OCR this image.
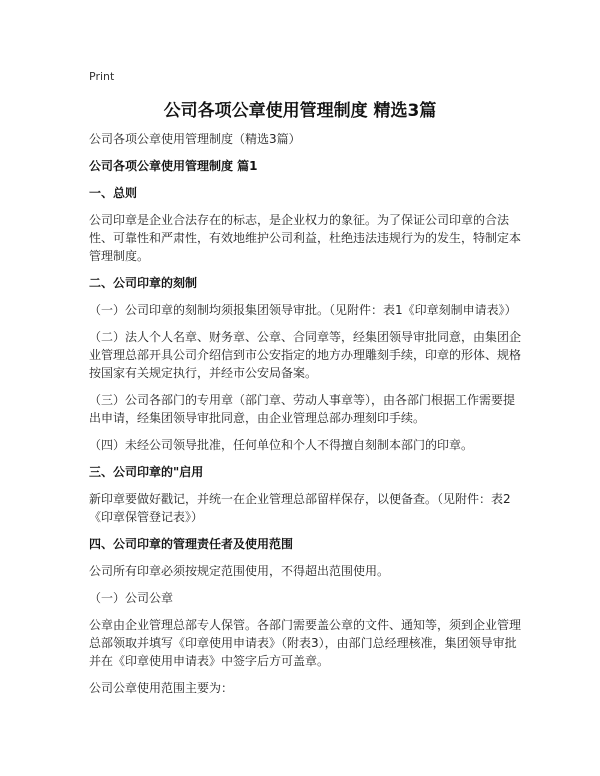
Print
公司各项公章使用管理制度 精选3篇

公司各项公章使用管理制度（精选3篇）

公司各项公章使用管理制度 篇1

一、总则

公司印章是企业合法存在的标志，是企业权力的象征。为了保证公司印章的合法性、可靠性和严肃性，有效地维护公司利益，杜绝违法违规行为的发生，特制定本管理制度。

二、公司印章的刻制

（一）公司印章的刻制均须报集团领导审批。（见附件：表1《印章刻制申请表》）

（二）法人个人名章、财务章、公章、合同章等，经集团领导审批同意，由集团企业管理总部开具公司介绍信到市公安指定的地方办理雕刻手续，印章的形体、规格按国家有关规定执行，并经市公安局备案。

（三）公司各部门的专用章（部门章、劳动人事章等），由各部门根据工作需要提出申请，经集团领导审批同意，由企业管理总部办理刻印手续。

（四）未经公司领导批准，任何单位和个人不得擅自刻制本部门的印章。

三、公司印章的"启用

新印章要做好戳记，并统一在企业管理总部留样保存，以便备查。（见附件：表2《印章保管登记表》）

四、公司印章的管理责任者及使用范围

公司所有印章必须按规定范围使用，不得超出范围使用。

（一）公司公章

公章由企业管理总部专人保管。各部门需要盖公章的文件、通知等，须到企业管理总部领取并填写《印章使用申请表》（附表3），由部门总经理核准，集团领导审批并在《印章使用申请表》中签字后方可盖章。

公司公章使用范围主要为：
